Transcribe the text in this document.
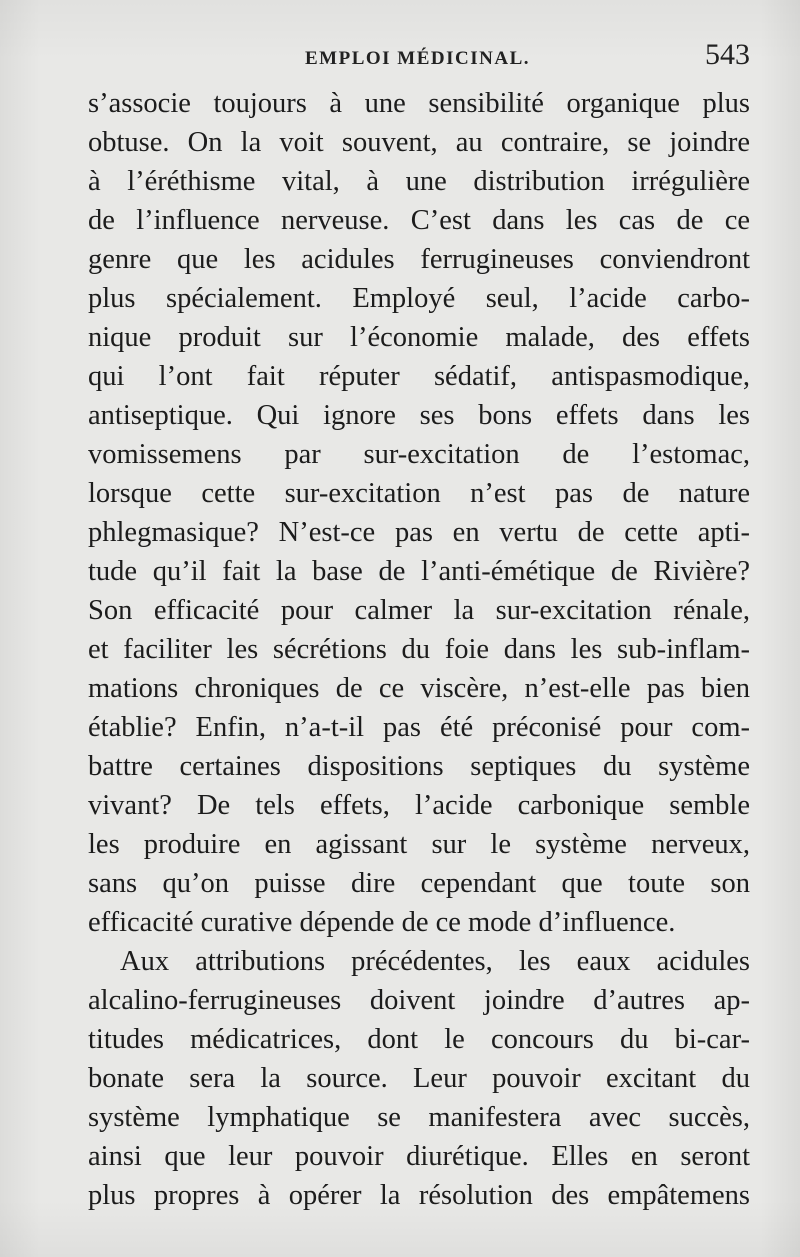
EMPLOI MÉDICINAL.	543
s’associe toujours à une sensibilité organique plus
obtuse. On la voit souvent, au contraire, se joindre
à l’éréthisme vital, à une distribution irrégulière
de l’influence nerveuse. C’est dans les cas de ce
genre que les acidules ferrugineuses conviendront
plus spécialement. Employé seul, l’acide carbo-
nique produit sur l’économie malade, des effets
qui l’ont fait réputer sédatif, antispasmodique,
antiseptique. Qui ignore ses bons effets dans les
vomissemens par sur-excitation de l’estomac,
lorsque cette sur-excitation n’est pas de nature
phlegmasique? N’est-ce pas en vertu de cette apti-
tude qu’il fait la base de l’anti-émétique de Rivière?
Son efficacité pour calmer la sur-excitation rénale,
et faciliter les sécrétions du foie dans les sub-inflam-
mations chroniques de ce viscère, n’est-elle pas bien
établie? Enfin, n’a-t-il pas été préconisé pour com-
battre certaines dispositions septiques du système
vivant? De tels effets, l’acide carbonique semble
les produire en agissant sur le système nerveux,
sans qu’on puisse dire cependant que toute son
efficacité curative dépende de ce mode d’influence.
Aux attributions précédentes, les eaux acidules
alcalino-ferrugineuses doivent joindre d’autres ap-
titudes médicatrices, dont le concours du bi-car-
bonate sera la source. Leur pouvoir excitant du
système lymphatique se manifestera avec succès,
ainsi que leur pouvoir diurétique. Elles en seront
plus propres à opérer la résolution des empâtemens
